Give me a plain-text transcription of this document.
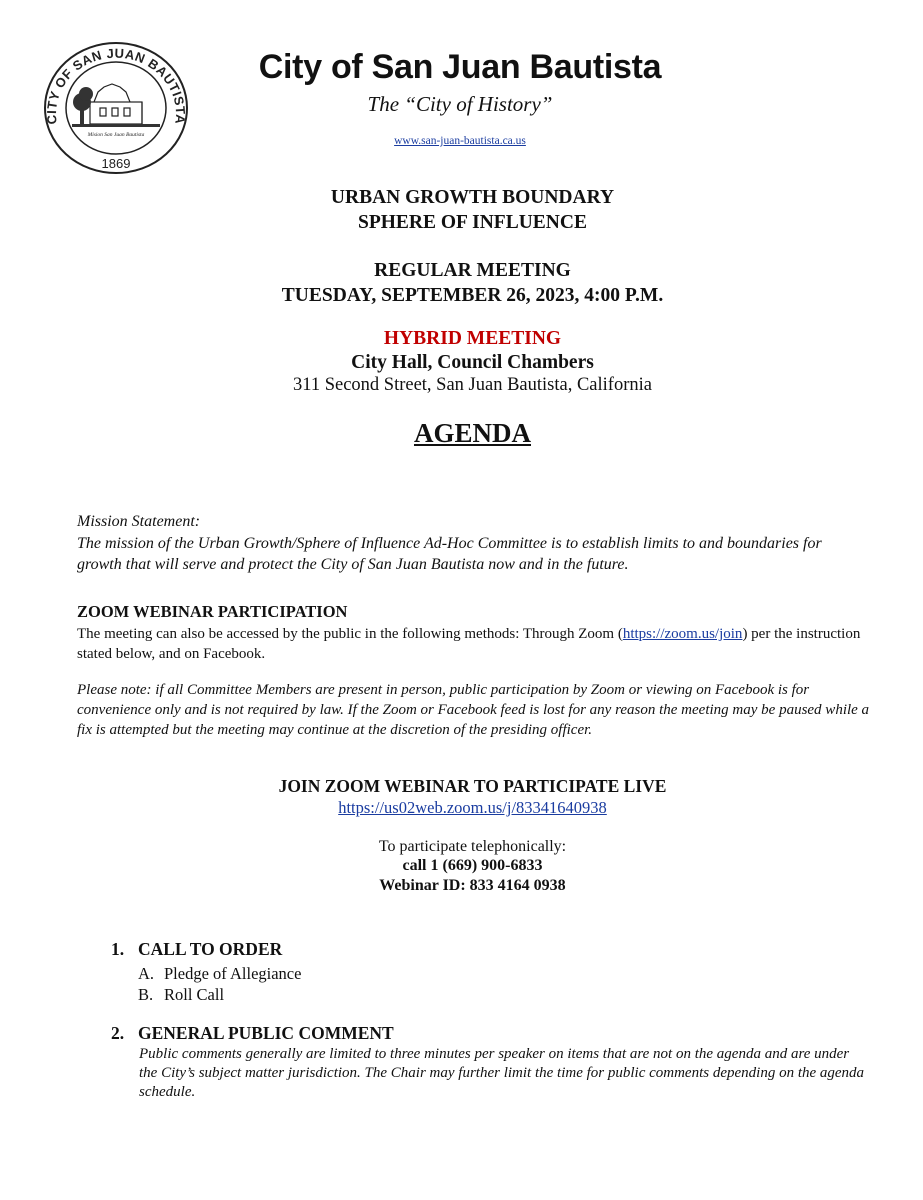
CITY OF SAN JUAN BAUTISTA
1869
Mision San Juan Bautista
City of San Juan Bautista
The “City of History”
www.san-juan-bautista.ca.us
URBAN GROWTH BOUNDARY
SPHERE OF INFLUENCE
REGULAR MEETING
TUESDAY, SEPTEMBER 26, 2023, 4:00 P.M.
HYBRID MEETING
City Hall, Council Chambers
311 Second Street, San Juan Bautista, California
AGENDA
Mission Statement:
The mission of the Urban Growth/Sphere of Influence Ad-Hoc Committee is to establish limits to and boundaries for growth that will serve and protect the City of San Juan Bautista now and in the future.
ZOOM WEBINAR PARTICIPATION
The meeting can also be accessed by the public in the following methods: Through Zoom (https://zoom.us/join) per the instruction stated below, and on Facebook.
Please note: if all Committee Members are present in person, public participation by Zoom or viewing on Facebook is for convenience only and is not required by law. If the Zoom or Facebook feed is lost for any reason the meeting may be paused while a fix is attempted but the meeting may continue at the discretion of the presiding officer.
JOIN ZOOM WEBINAR TO PARTICIPATE LIVE
https://us02web.zoom.us/j/83341640938
To participate telephonically:
call 1 (669) 900-6833
Webinar ID: 833 4164 0938
1. CALL TO ORDER
A. Pledge of Allegiance
B. Roll Call
2. GENERAL PUBLIC COMMENT
Public comments generally are limited to three minutes per speaker on items that are not on the agenda and are under the City’s subject matter jurisdiction. The Chair may further limit the time for public comments depending on the agenda schedule.
